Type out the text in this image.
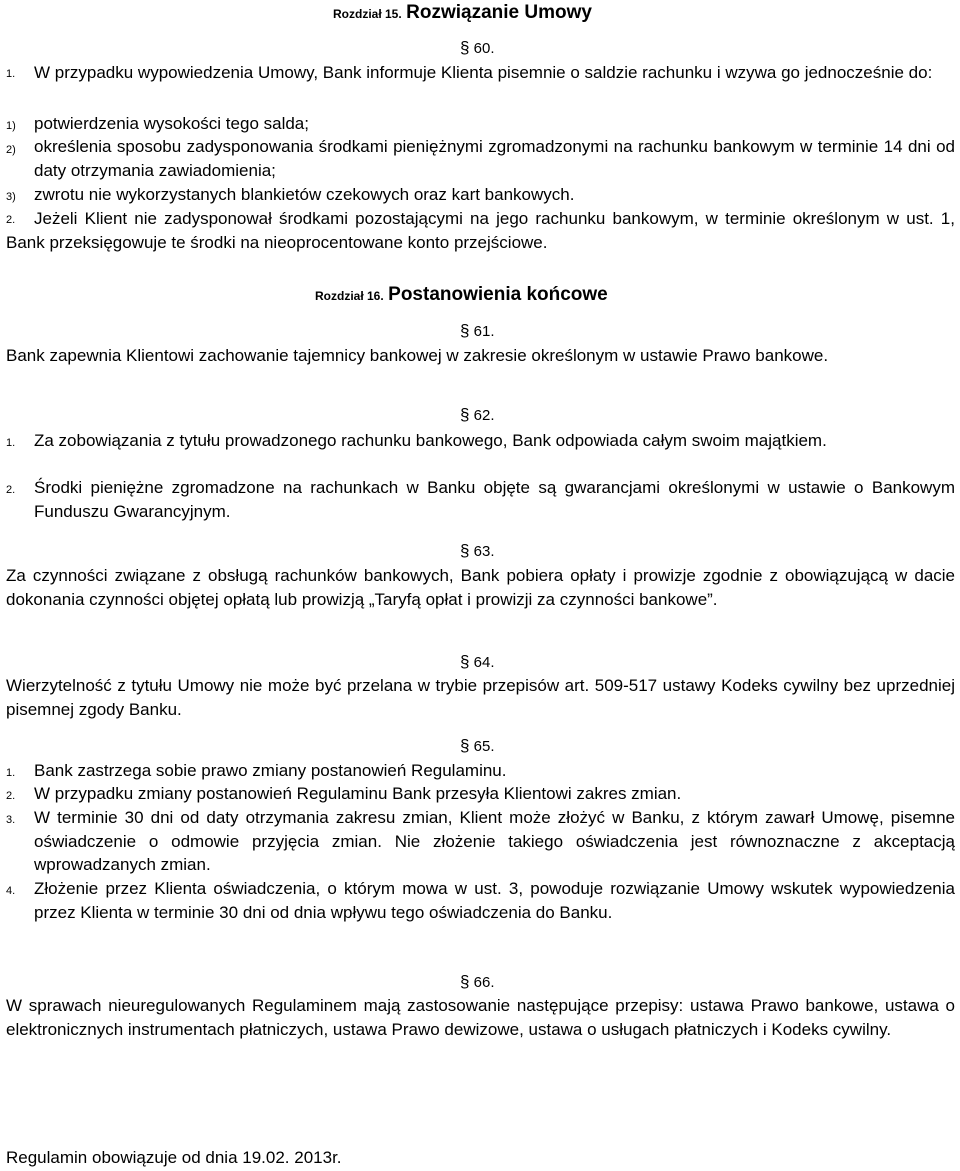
Rozdział 15. Rozwiązanie Umowy
§ 60.
1.	W przypadku wypowiedzenia Umowy, Bank informuje Klienta pisemnie o saldzie rachunku i wzywa go jednocześnie do:
1) potwierdzenia wysokości tego salda;
2) określenia sposobu zadysponowania środkami pieniężnymi zgromadzonymi na rachunku bankowym w terminie 14 dni od daty otrzymania zawiadomienia;
3) zwrotu nie wykorzystanych blankietów czekowych oraz kart bankowych.
2.	Jeżeli Klient nie zadysponował środkami pozostającymi na jego rachunku bankowym, w terminie określonym w ust. 1, Bank przeksięgowuje te środki na nieoprocentowane konto przejściowe.
Rozdział 16. Postanowienia końcowe
§ 61.
Bank zapewnia Klientowi zachowanie tajemnicy bankowej w zakresie określonym w ustawie Prawo bankowe.
§ 62.
1. Za zobowiązania z tytułu prowadzonego rachunku bankowego, Bank odpowiada całym swoim majątkiem.
2. Środki pieniężne zgromadzone na rachunkach w Banku objęte są gwarancjami określonymi w ustawie o Bankowym Funduszu Gwarancyjnym.
§ 63.
Za czynności związane z obsługą rachunków bankowych, Bank pobiera opłaty i prowizje zgodnie z obowiązującą w dacie dokonania czynności objętej opłatą lub prowizją „Taryfą opłat i prowizji za czynności bankowe”.
§ 64.
Wierzytelność z tytułu Umowy nie może być przelana w trybie przepisów art. 509-517 ustawy Kodeks cywilny bez uprzedniej pisemnej zgody Banku.
§ 65.
1. Bank zastrzega sobie prawo zmiany postanowień Regulaminu.
2. W przypadku zmiany postanowień Regulaminu Bank przesyła Klientowi zakres zmian.
3. W terminie 30 dni od daty otrzymania zakresu zmian, Klient może złożyć w Banku, z którym zawarł Umowę, pisemne oświadczenie o odmowie przyjęcia zmian. Nie złożenie takiego oświadczenia jest równoznaczne z akceptacją wprowadzanych zmian.
4. Złożenie przez Klienta oświadczenia, o którym mowa w ust. 3, powoduje rozwiązanie Umowy wskutek wypowiedzenia przez Klienta w terminie 30 dni od dnia wpływu tego oświadczenia do Banku.
§ 66.
W sprawach nieuregulowanych Regulaminem mają zastosowanie następujące przepisy: ustawa Prawo bankowe, ustawa o elektronicznych instrumentach płatniczych, ustawa Prawo dewizowe, ustawa o usługach płatniczych i Kodeks cywilny.
Regulamin obowiązuje od dnia 19.02. 2013r.
